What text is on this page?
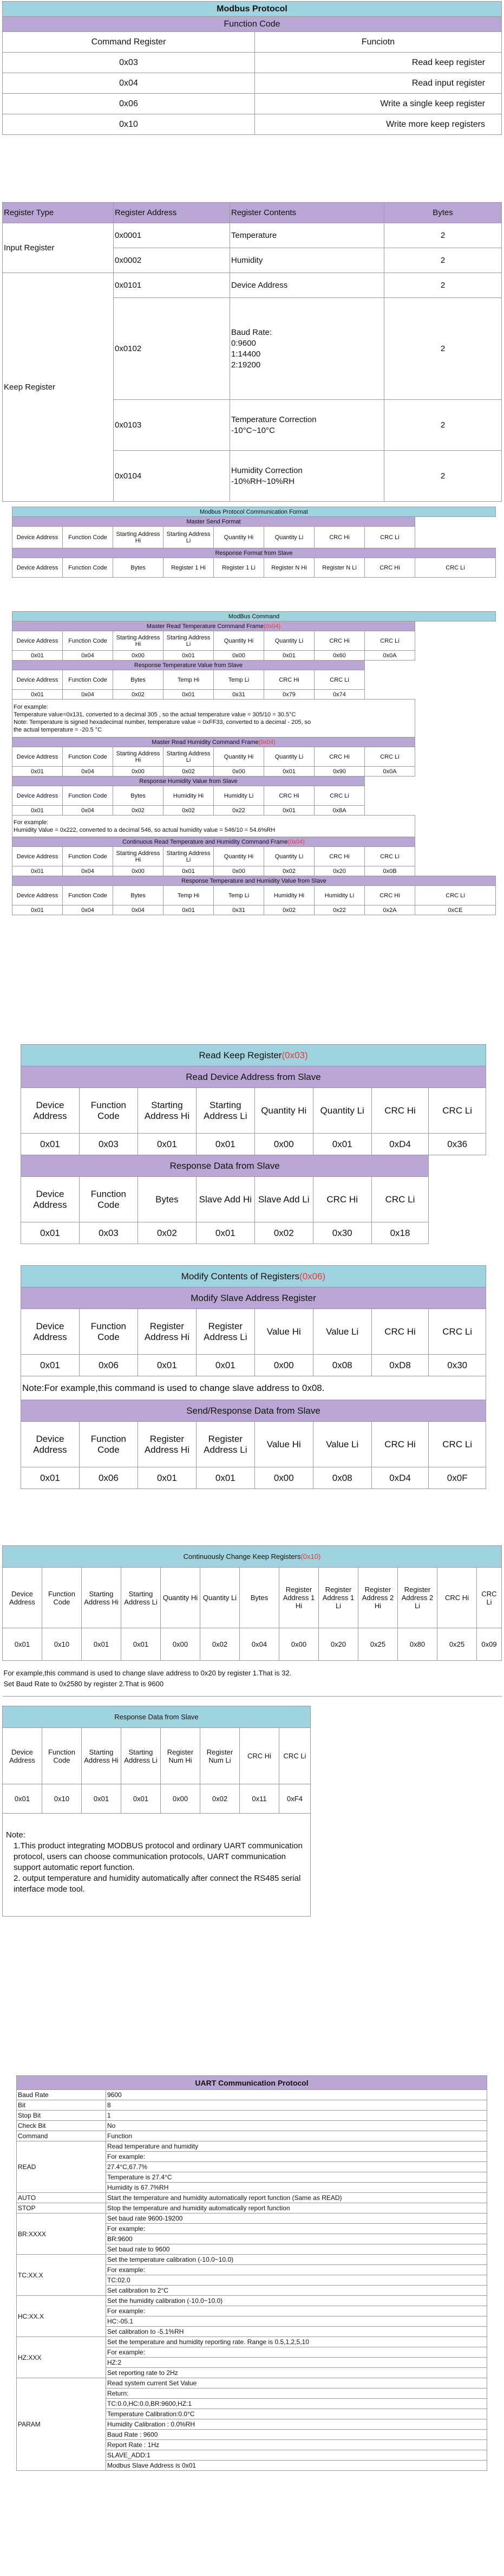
Modbus Protocol	
Function Code	
Command Register	Funciotn
0x03	Read keep register
0x04	Read input register
0x06	Write a single keep register
0x10	Write more keep registers
Register Type	Register Address	Register Contents	Bytes
Input Register	0x0001	Temperature	2
	0x0002	Humidity	2
Keep Register	0x0101	Device Address	2
	0x0102	Baud Rate:
0:9600
1:14400
2:19200	2
	0x0103	Temperature Correction
-10°C~10°C	2
	0x0104	Humidity Correction
-10%RH~10%RH	2
Modbus Protocol Communication Format								
Master Send Format								
Device Address	Function Code	Starting Address Hi	Starting Address Li	Quantity Hi	Quantity Li	CRC Hi	CRC Li	
Response Format from Slave								
Device Address	Function Code	Bytes	Register 1 Hi	Register 1 Li	Register N Hi	Register N Li	CRC Hi	CRC Li
ModBus Command								
Master Read Temperature Command Frame(0x04)								
Device Address	Function Code	Starting Address Hi	Starting Address Li	Quantity Hi	Quantity Li	CRC Hi	CRC Li	
0x01	0x04	0x00	0x01	0x00	0x01	0x60	0x0A	
Response Temperature Value from Slave								
Device Address	Function Code	Bytes	Temp Hi	Temp Li	CRC Hi	CRC Li		
0x01	0x04	0x02	0x01	0x31	0x79	0x74		

For example:
Temperature value=0x131, converted to a decimal 305 , so the actual temperature value = 305/10 = 30.5°C
Note: Temperature is signed hexadecimal number, temperature value = 0xFF33, converted to a decimal - 205, so
the actual temperature = -20.5 °C								

Master Read Humidity Command Frame(0x04)								
Device Address	Function Code	Starting Address Hi	Starting Address Li	Quantity Hi	Quantity Li	CRC Hi	CRC Li	
0x01	0x04	0x00	0x02	0x00	0x01	0x90	0x0A	
Response Humidity Value from Slave								
Device Address	Function Code	Bytes	Humidity Hi	Humidity Li	CRC Hi	CRC Li		
0x01	0x04	0x02	0x02	0x22	0x01	0x8A		

For example:
Humidity Value = 0x222, converted to a decimal 546, so actual humidity value = 546/10 = 54.6%RH								

Continuous Read Temperature and Humidity Command Frame(0x04)								
Device Address	Function Code	Starting Address Hi	Starting Address Li	Quantity Hi	Quantity Li	CRC Hi	CRC Li	
0x01	0x04	0x00	0x01	0x00	0x02	0x20	0x0B	
Response Temperature and Humidity Value from Slave								
Device Address	Function Code	Bytes	Temp Hi	Temp Li	Humidity Hi	Humidity Li	CRC Hi	CRC Li
0x01	0x04	0x04	0x01	0x31	0x02	0x22	0x2A	0xCE
Read Keep Register(0x03)							
Read Device Address from Slave							
Device Address	Function Code	Starting Address Hi	Starting Address Li	Quantity Hi	Quantity Li	CRC Hi	CRC Li
0x01	0x03	0x01	0x01	0x00	0x01	0xD4	0x36
Response Data from Slave							
Device Address	Function Code	Bytes	Slave Add Hi	Slave Add Li	CRC Hi	CRC Li	
0x01	0x03	0x02	0x01	0x02	0x30	0x18	

Modify Contents of Registers(0x06)							
Modify Slave Address Register							
Device Address	Function Code	Register Address Hi	Register Address Li	Value Hi	Value Li	CRC Hi	CRC Li
0x01	0x06	0x01	0x01	0x00	0x08	0xD8	0x30
Note:For example,this command is used to change slave address to 0x08.							
Send/Response Data from Slave							
Device Address	Function Code	Register Address Hi	Register Address Li	Value Hi	Value Li	CRC Hi	CRC Li
0x01	0x06	0x01	0x01	0x00	0x08	0xD4	0x0F
Continuously Change Keep Registers(0x10)												
Device Address	Function Code	Starting Address Hi	Starting Address Li	Quantity Hi	Quantity Li	Bytes	Register Address 1 Hi	Register Address 1 Li	Register Address 2 Hi	Register Address 2 Li	CRC Hi	CRC Li
0x01	0x10	0x01	0x01	0x00	0x02	0x04	0x00	0x20	0x25	0x80	0x25	0x09

For example,this command is used to change slave address to 0x20 by register 1.That is 32.
Set Baud Rate to 0x2580 by register 2.That is 9600												
Response Data from Slave							
Device Address	Function Code	Starting Address Hi	Starting Address Li	Register Num Hi	Register Num Li	CRC Hi	CRC Li
0x01	0x10	0x01	0x01	0x00	0x02	0x11	0xF4

Note:
1.This product integrating MODBUS protocol and ordinary UART communication protocol, users can choose communication protocols, UART communication support automatic report function.
2. output temperature and humidity automatically after connect the RS485 serial interface mode tool.							
UART Communication Protocol	
Baud Rate	9600
Bit	8
Stop Bit	1
Check Bit	No
Command	Function
READ	Read temperature and humidity
	For example:
	27.4°C,67.7%
	Temperature is 27.4°C
	Humidity is 67.7%RH
AUTO	Start the temperature and humidity automatically report function (Same as READ)
STOP	Stop the temperature and humidity automatically report function
BR:XXXX	Set baud rate 9600-19200
	For example:
	BR:9600
	Set baud rate to 9600
TC:XX.X	Set the temperature calibration (-10.0~10.0)
	For example:
	TC:02.0
	Set calibration to 2°C
HC:XX.X	Set the humidity calibration (-10.0~10.0)
	For example:
	HC:-05.1
	Set calibration to -5.1%RH
HZ:XXX	Set the temperature and humidity reporting rate. Range is 0.5,1,2,5,10
	For example:
	HZ:2
	Set reporting rate to 2Hz
PARAM	Read system current Set Value
	Return:
	TC:0.0,HC:0.0,BR:9600,HZ:1
	Temperature Calibration:0.0°C
	Humidity Calibration : 0.0%RH
	Baud Rate : 9600
	Report Rate : 1Hz
	SLAVE_ADD:1
	Modbus Slave Address is 0x01
